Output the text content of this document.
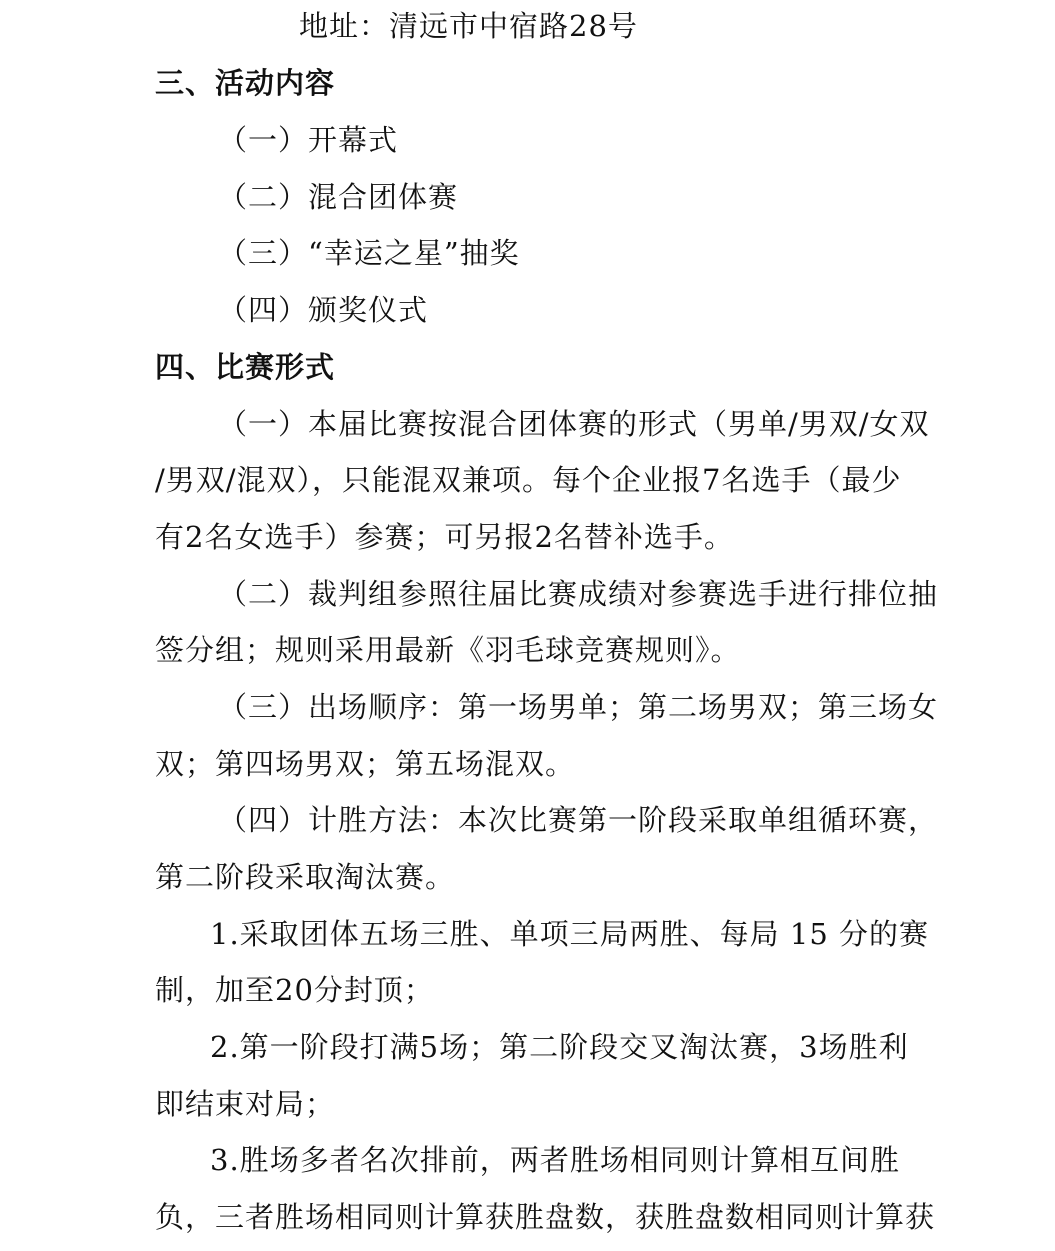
地址：清远市中宿路28号
三、活动内容
（一）开幕式
（二）混合团体赛
（三）“幸运之星”抽奖
（四）颁奖仪式
四、比赛形式
（一）本届比赛按混合团体赛的形式（男单/男双/女双
/男双/混双），只能混双兼项。每个企业报7名选手（最少
有2名女选手）参赛；可另报2名替补选手。
（二）裁判组参照往届比赛成绩对参赛选手进行排位抽
签分组；规则采用最新《羽毛球竞赛规则》。
（三）出场顺序：第一场男单；第二场男双；第三场女
双；第四场男双；第五场混双。
（四）计胜方法：本次比赛第一阶段采取单组循环赛，
第二阶段采取淘汰赛。
1.采取团体五场三胜、单项三局两胜、每局 15 分的赛
制，加至20分封顶；
2.第一阶段打满5场；第二阶段交叉淘汰赛，3场胜利
即结束对局；
3.胜场多者名次排前，两者胜场相同则计算相互间胜
负，三者胜场相同则计算获胜盘数，获胜盘数相同则计算获
